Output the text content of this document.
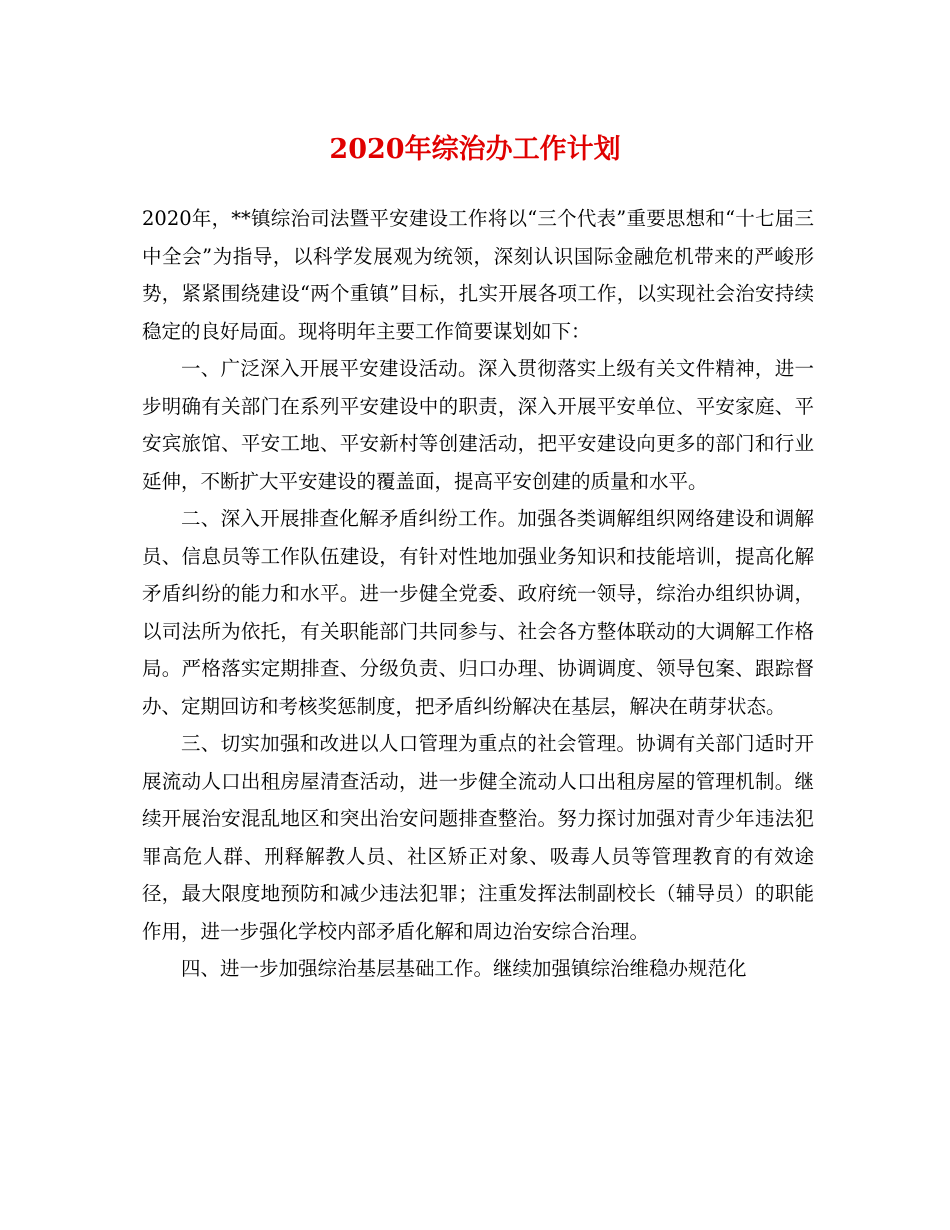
2020年综治办工作计划

2020年，**镇综治司法暨平安建设工作将以“三个代表”重要思想和“十七届三中全会”为指导，以科学发展观为统领，深刻认识国际金融危机带来的严峻形势，紧紧围绕建设“两个重镇”目标，扎实开展各项工作，以实现社会治安持续稳定的良好局面。现将明年主要工作简要谋划如下：

一、广泛深入开展平安建设活动。深入贯彻落实上级有关文件精神，进一步明确有关部门在系列平安建设中的职责，深入开展平安单位、平安家庭、平安宾旅馆、平安工地、平安新村等创建活动，把平安建设向更多的部门和行业延伸，不断扩大平安建设的覆盖面，提高平安创建的质量和水平。

二、深入开展排查化解矛盾纠纷工作。加强各类调解组织网络建设和调解员、信息员等工作队伍建设，有针对性地加强业务知识和技能培训，提高化解矛盾纠纷的能力和水平。进一步健全党委、政府统一领导，综治办组织协调，以司法所为依托，有关职能部门共同参与、社会各方整体联动的大调解工作格局。严格落实定期排查、分级负责、归口办理、协调调度、领导包案、跟踪督办、定期回访和考核奖惩制度，把矛盾纠纷解决在基层，解决在萌芽状态。

三、切实加强和改进以人口管理为重点的社会管理。协调有关部门适时开展流动人口出租房屋清查活动，进一步健全流动人口出租房屋的管理机制。继续开展治安混乱地区和突出治安问题排查整治。努力探讨加强对青少年违法犯罪高危人群、刑释解教人员、社区矫正对象、吸毒人员等管理教育的有效途径，最大限度地预防和减少违法犯罪；注重发挥法制副校长（辅导员）的职能作用，进一步强化学校内部矛盾化解和周边治安综合治理。

四、进一步加强综治基层基础工作。继续加强镇综治维稳办规范化
